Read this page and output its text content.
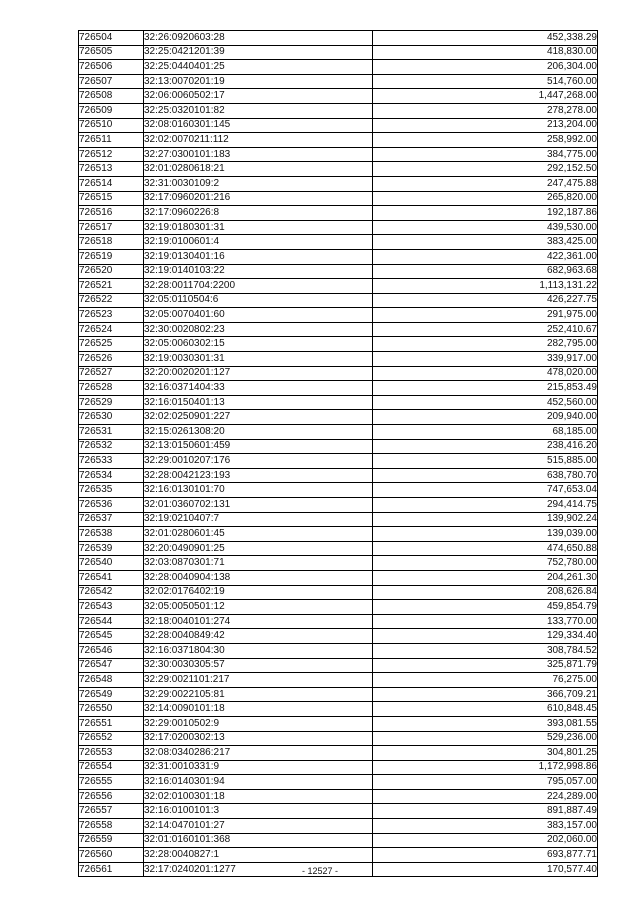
726504	32:26:0920603:28	452,338.29
726505	32:25:0421201:39	418,830.00
726506	32:25:0440401:25	206,304.00
726507	32:13:0070201:19	514,760.00
726508	32:06:0060502:17	1,447,268.00
726509	32:25:0320101:82	278,278.00
726510	32:08:0160301:145	213,204.00
726511	32:02:0070211:112	258,992.00
726512	32:27:0300101:183	384,775.00
726513	32:01:0280618:21	292,152.50
726514	32:31:0030109:2	247,475.88
726515	32:17:0960201:216	265,820.00
726516	32:17:0960226:8	192,187.86
726517	32:19:0180301:31	439,530.00
726518	32:19:0100601:4	383,425.00
726519	32:19:0130401:16	422,361.00
726520	32:19:0140103:22	682,963.68
726521	32:28:0011704:2200	1,113,131.22
726522	32:05:0110504:6	426,227.75
726523	32:05:0070401:60	291,975.00
726524	32:30:0020802:23	252,410.67
726525	32:05:0060302:15	282,795.00
726526	32:19:0030301:31	339,917.00
726527	32:20:0020201:127	478,020.00
726528	32:16:0371404:33	215,853.49
726529	32:16:0150401:13	452,560.00
726530	32:02:0250901:227	209,940.00
726531	32:15:0261308:20	68,185.00
726532	32:13:0150601:459	238,416.20
726533	32:29:0010207:176	515,885.00
726534	32:28:0042123:193	638,780.70
726535	32:16:0130101:70	747,653.04
726536	32:01:0360702:131	294,414.75
726537	32:19:0210407:7	139,902.24
726538	32:01:0280601:45	139,039.00
726539	32:20:0490901:25	474,650.88
726540	32:03:0870301:71	752,780.00
726541	32:28:0040904:138	204,261.30
726542	32:02:0176402:19	208,626.84
726543	32:05:0050501:12	459,854.79
726544	32:18:0040101:274	133,770.00
726545	32:28:0040849:42	129,334.40
726546	32:16:0371804:30	308,784.52
726547	32:30:0030305:57	325,871.79
726548	32:29:0021101:217	76,275.00
726549	32:29:0022105:81	366,709.21
726550	32:14:0090101:18	610,848.45
726551	32:29:0010502:9	393,081.55
726552	32:17:0200302:13	529,236.00
726553	32:08:0340286:217	304,801.25
726554	32:31:0010331:9	1,172,998.86
726555	32:16:0140301:94	795,057.00
726556	32:02:0100301:18	224,289.00
726557	32:16:0100101:3	891,887.49
726558	32:14:0470101:27	383,157.00
726559	32:01:0160101:368	202,060.00
726560	32:28:0040827:1	693,877.71
726561	32:17:0240201:1277	170,577.40
- 12527 -
